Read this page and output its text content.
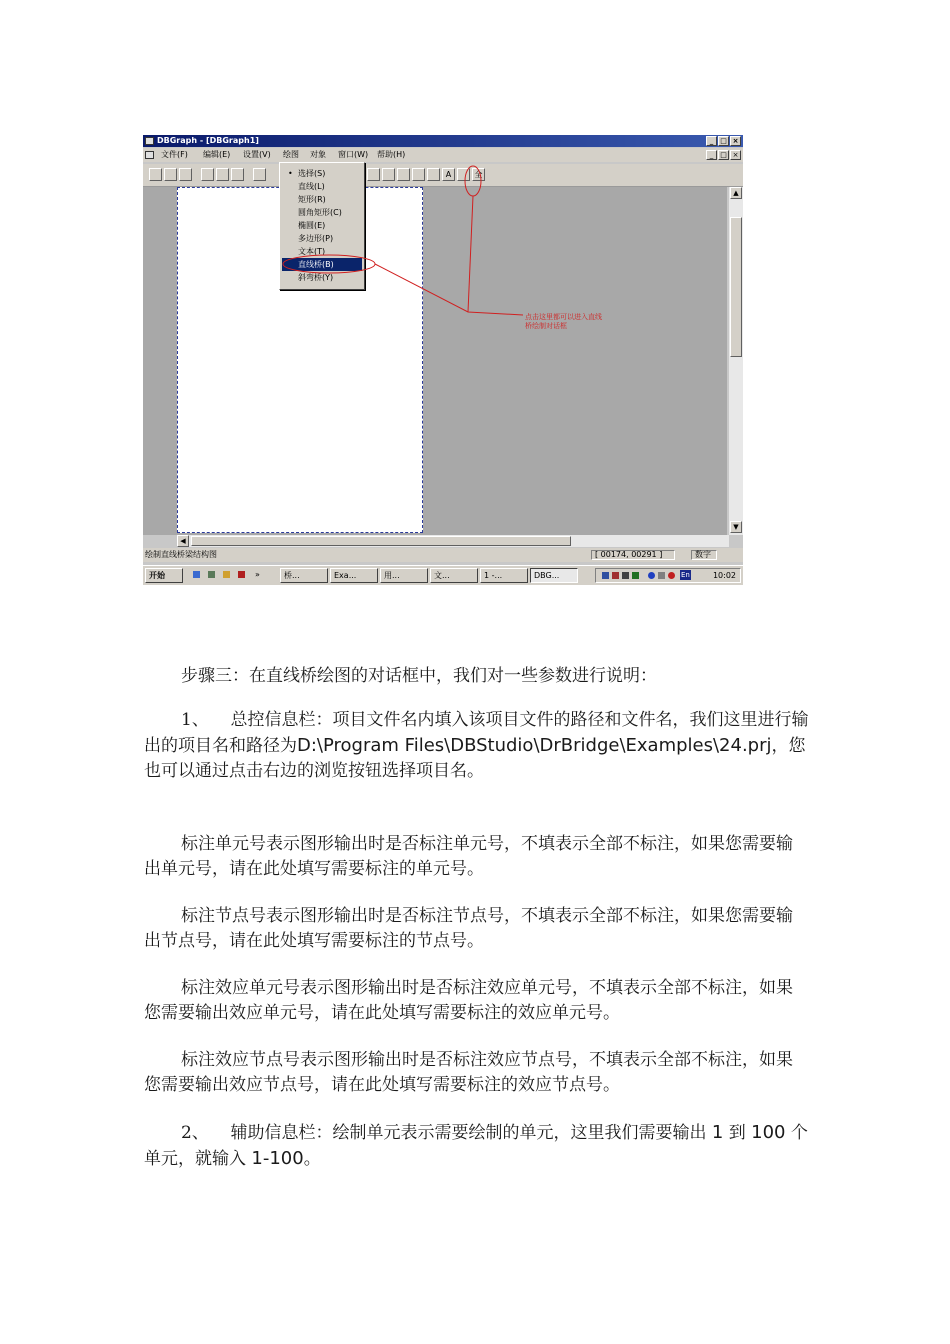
DBGraph - [DBGraph1]	_ □ ×
文件(F) 编辑(E) 设置(V) 绘图 对象 窗口(W) 帮助(H)	_ □ ×
A	全
▲
▼
◀
绘制直线桥梁结构图	[ 00174, 00291 ]	数字
开始	»	桥...	Exa...	用...	文...	1 -...	DBG...	En	10:02
• 选择(S)
直线(L)
矩形(R)
圆角矩形(C)
椭圆(E)
多边形(P)
文本(T)
直线桥(B)
斜弯桥(Y)
点击这里都可以进入直线
桥绘制对话框

步骤三：在直线桥绘图的对话框中，我们对一些参数进行说明：

1、 总控信息栏：项目文件名内填入该项目文件的路径和文件名，我们这里进行输出的项目名和路径为D:\Program Files\DBStudio\DrBridge\Examples\24.prj，您也可以通过点击右边的浏览按钮选择项目名。

标注单元号表示图形输出时是否标注单元号，不填表示全部不标注，如果您需要输出单元号，请在此处填写需要标注的单元号。

标注节点号表示图形输出时是否标注节点号，不填表示全部不标注，如果您需要输出节点号，请在此处填写需要标注的节点号。

标注效应单元号表示图形输出时是否标注效应单元号，不填表示全部不标注，如果您需要输出效应单元号，请在此处填写需要标注的效应单元号。

标注效应节点号表示图形输出时是否标注效应节点号，不填表示全部不标注，如果您需要输出效应节点号，请在此处填写需要标注的效应节点号。

2、 辅助信息栏：绘制单元表示需要绘制的单元，这里我们需要输出 1 到 100 个单元，就输入 1-100。
